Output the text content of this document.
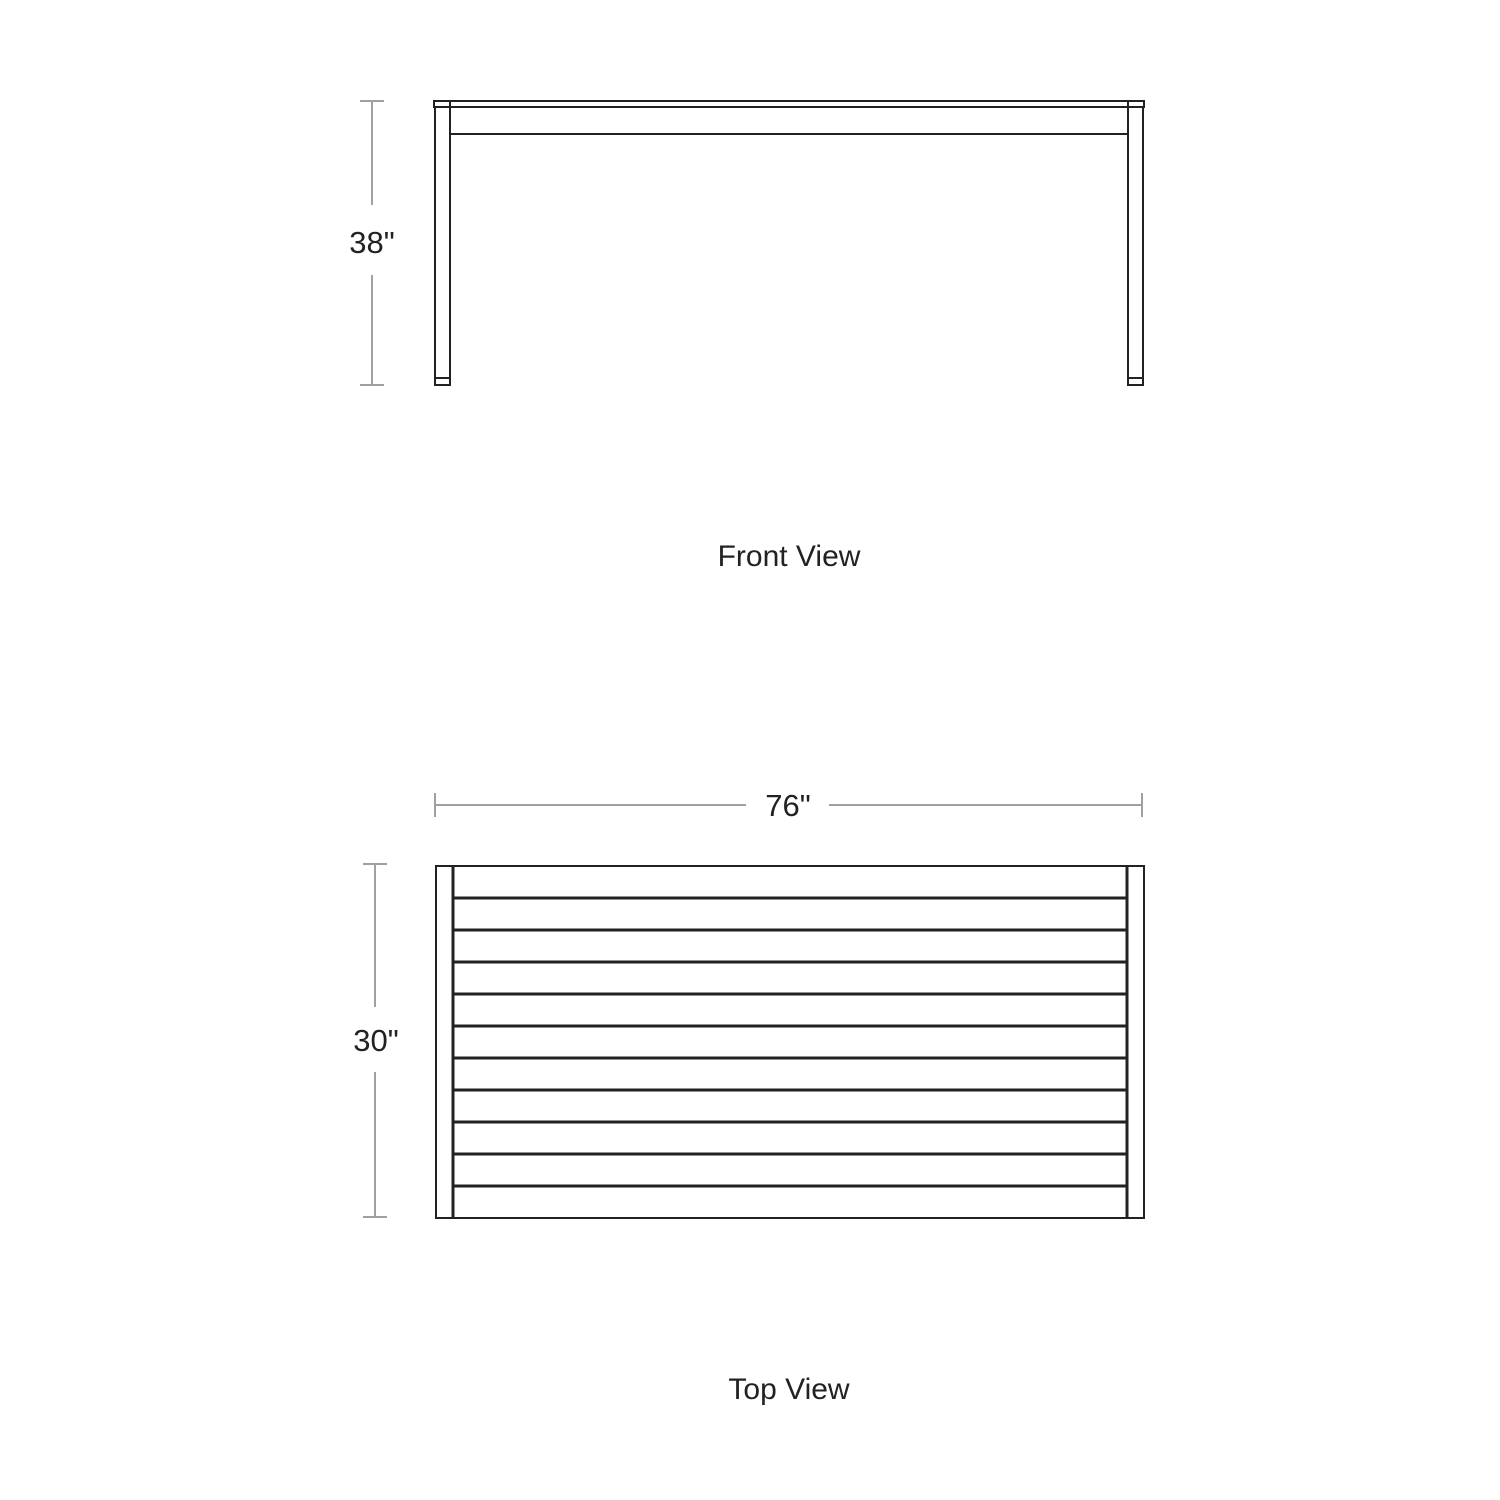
38"
Front View
76"
30"
Top View
